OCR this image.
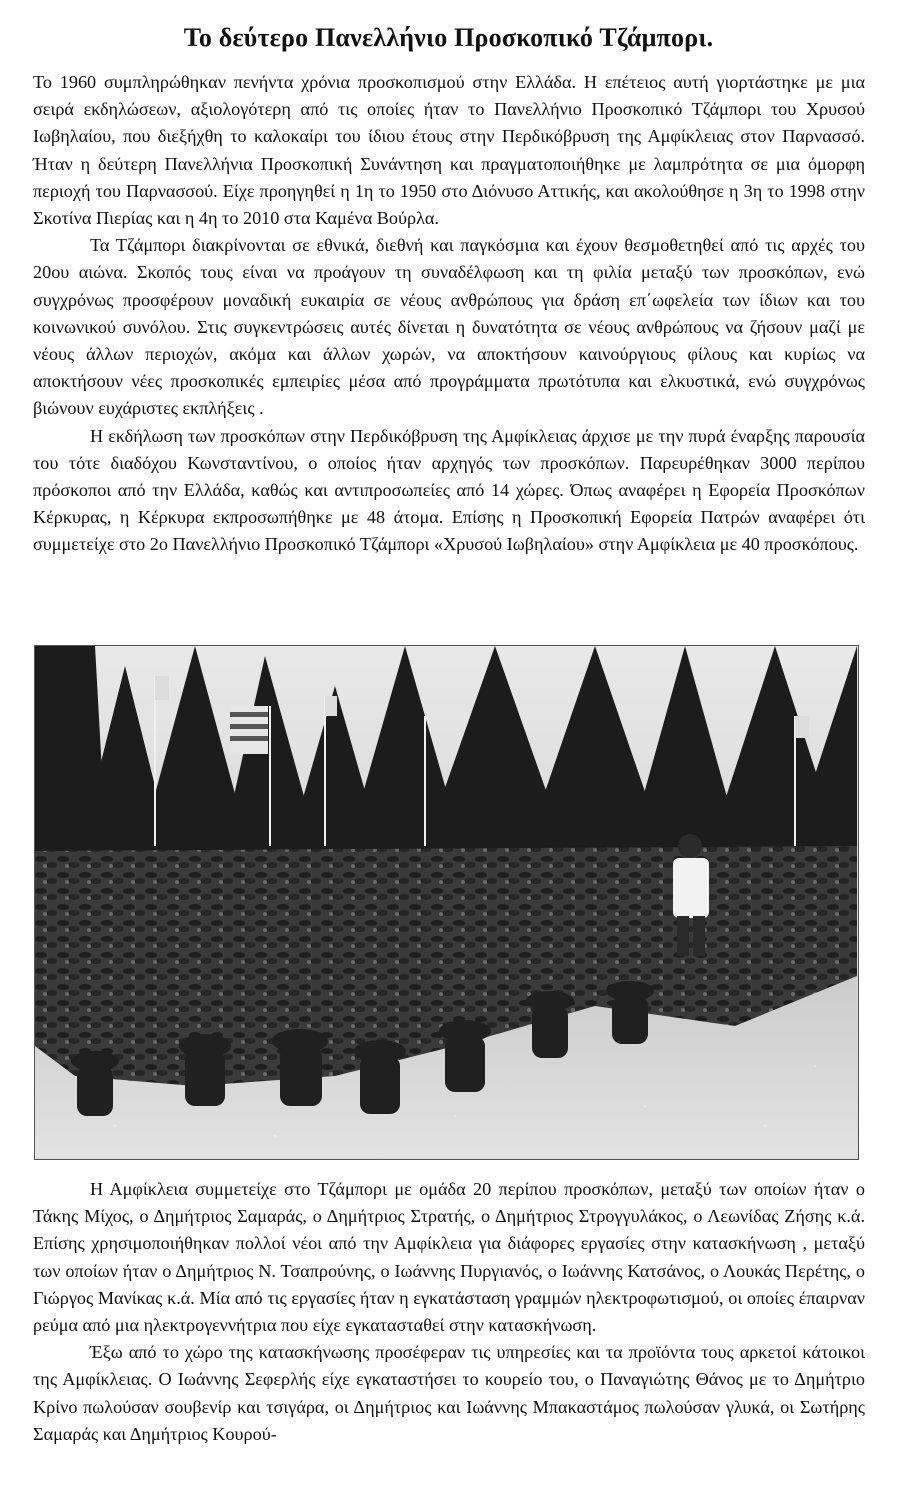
Το δεύτερο Πανελλήνιο Προσκοπικό Τζάμπορι.

Το 1960 συμπληρώθηκαν πενήντα χρόνια προσκοπισμού στην Ελλάδα. Η επέτειος αυτή γιορτάστηκε με μια σειρά εκδηλώσεων, αξιολογότερη από τις οποίες ήταν το Πανελλήνιο Προσκοπικό Τζάμπορι του Χρυσού Ιωβηλαίου, που διεξήχθη το καλοκαίρι του ίδιου έτους στην Περδικόβρυση της Αμφίκλειας στον Παρνασσό. Ήταν η δεύτερη Πανελλήνια Προσκοπική Συνάντηση και πραγματοποιήθηκε με λαμπρότητα σε μια όμορφη περιοχή του Παρνασσού. Είχε προηγηθεί η 1η το 1950 στο Διόνυσο Αττικής, και ακολούθησε η 3η το 1998 στην Σκοτίνα Πιερίας και η 4η το 2010 στα Καμένα Βούρλα.

Τα Τζάμπορι διακρίνονται σε εθνικά, διεθνή και παγκόσμια και έχουν θεσμοθετηθεί από τις αρχές του 20ου αιώνα. Σκοπός τους είναι να προάγουν τη συναδέλφωση και τη φιλία μεταξύ των προσκόπων, ενώ συγχρόνως προσφέρουν μοναδική ευκαιρία σε νέους ανθρώπους για δράση επ΄ωφελεία των ίδιων και του κοινωνικού συνόλου. Στις συγκεντρώσεις αυτές δίνεται η δυνατότητα σε νέους ανθρώπους να ζήσουν μαζί με νέους άλλων περιοχών, ακόμα και άλλων χωρών, να αποκτήσουν καινούργιους φίλους και κυρίως να αποκτήσουν νέες προσκοπικές εμπειρίες μέσα από προγράμματα πρωτότυπα και ελκυστικά, ενώ συγχρόνως βιώνουν ευχάριστες εκπλήξεις .

Η εκδήλωση των προσκόπων στην Περδικόβρυση της Αμφίκλειας άρχισε με την πυρά έναρξης παρουσία του τότε διαδόχου Κωνσταντίνου, ο οποίος ήταν αρχηγός των προσκόπων. Παρευρέθηκαν 3000 περίπου πρόσκοποι από την Ελλάδα, καθώς και αντιπροσωπείες από 14 χώρες. Όπως αναφέρει η Εφορεία Προσκόπων Κέρκυρας, η Κέρκυρα εκπροσωπήθηκε με 48 άτομα. Επίσης η Προσκοπική Εφορεία Πατρών αναφέρει ότι συμμετείχε στο 2ο Πανελλήνιο Προσκοπικό Τζάμπορι «Χρυσού Ιωβηλαίου» στην Αμφίκλεια με 40 προσκόπους.

Η Αμφίκλεια συμμετείχε στο Τζάμπορι με ομάδα 20 περίπου προσκόπων, μεταξύ των οποίων ήταν ο Τάκης Μίχος, ο Δημήτριος Σαμαράς, ο Δημήτριος Στρατής, ο Δημήτριος Στρογγυλάκος, ο Λεωνίδας Ζήσης κ.ά. Επίσης χρησιμοποιήθηκαν πολλοί νέοι από την Αμφίκλεια για διάφορες εργασίες στην κατασκήνωση , μεταξύ των οποίων ήταν ο Δημήτριος Ν. Τσαπρούνης, ο Ιωάννης Πυργιανός, ο Ιωάννης Κατσάνος, ο Λουκάς Περέτης, ο Γιώργος Μανίκας κ.ά. Μία από τις εργασίες ήταν η εγκατάσταση γραμμών ηλεκτροφωτισμού, οι οποίες έπαιρναν ρεύμα από μια ηλεκτρογεννήτρια που είχε εγκατασταθεί στην κατασκήνωση.

Έξω από το χώρο της κατασκήνωσης προσέφεραν τις υπηρεσίες και τα προϊόντα τους αρκετοί κάτοικοι της Αμφίκλειας. Ο Ιωάννης Σεφερλής είχε εγκαταστήσει το κουρείο του, ο Παναγιώτης Θάνος με το Δημήτριο Κρίνο πωλούσαν σουβενίρ και τσιγάρα, οι Δημήτριος και Ιωάννης Μπακαστάμος πωλούσαν γλυκά, οι Σωτήρης Σαμαράς και Δημήτριος Κουρού-
